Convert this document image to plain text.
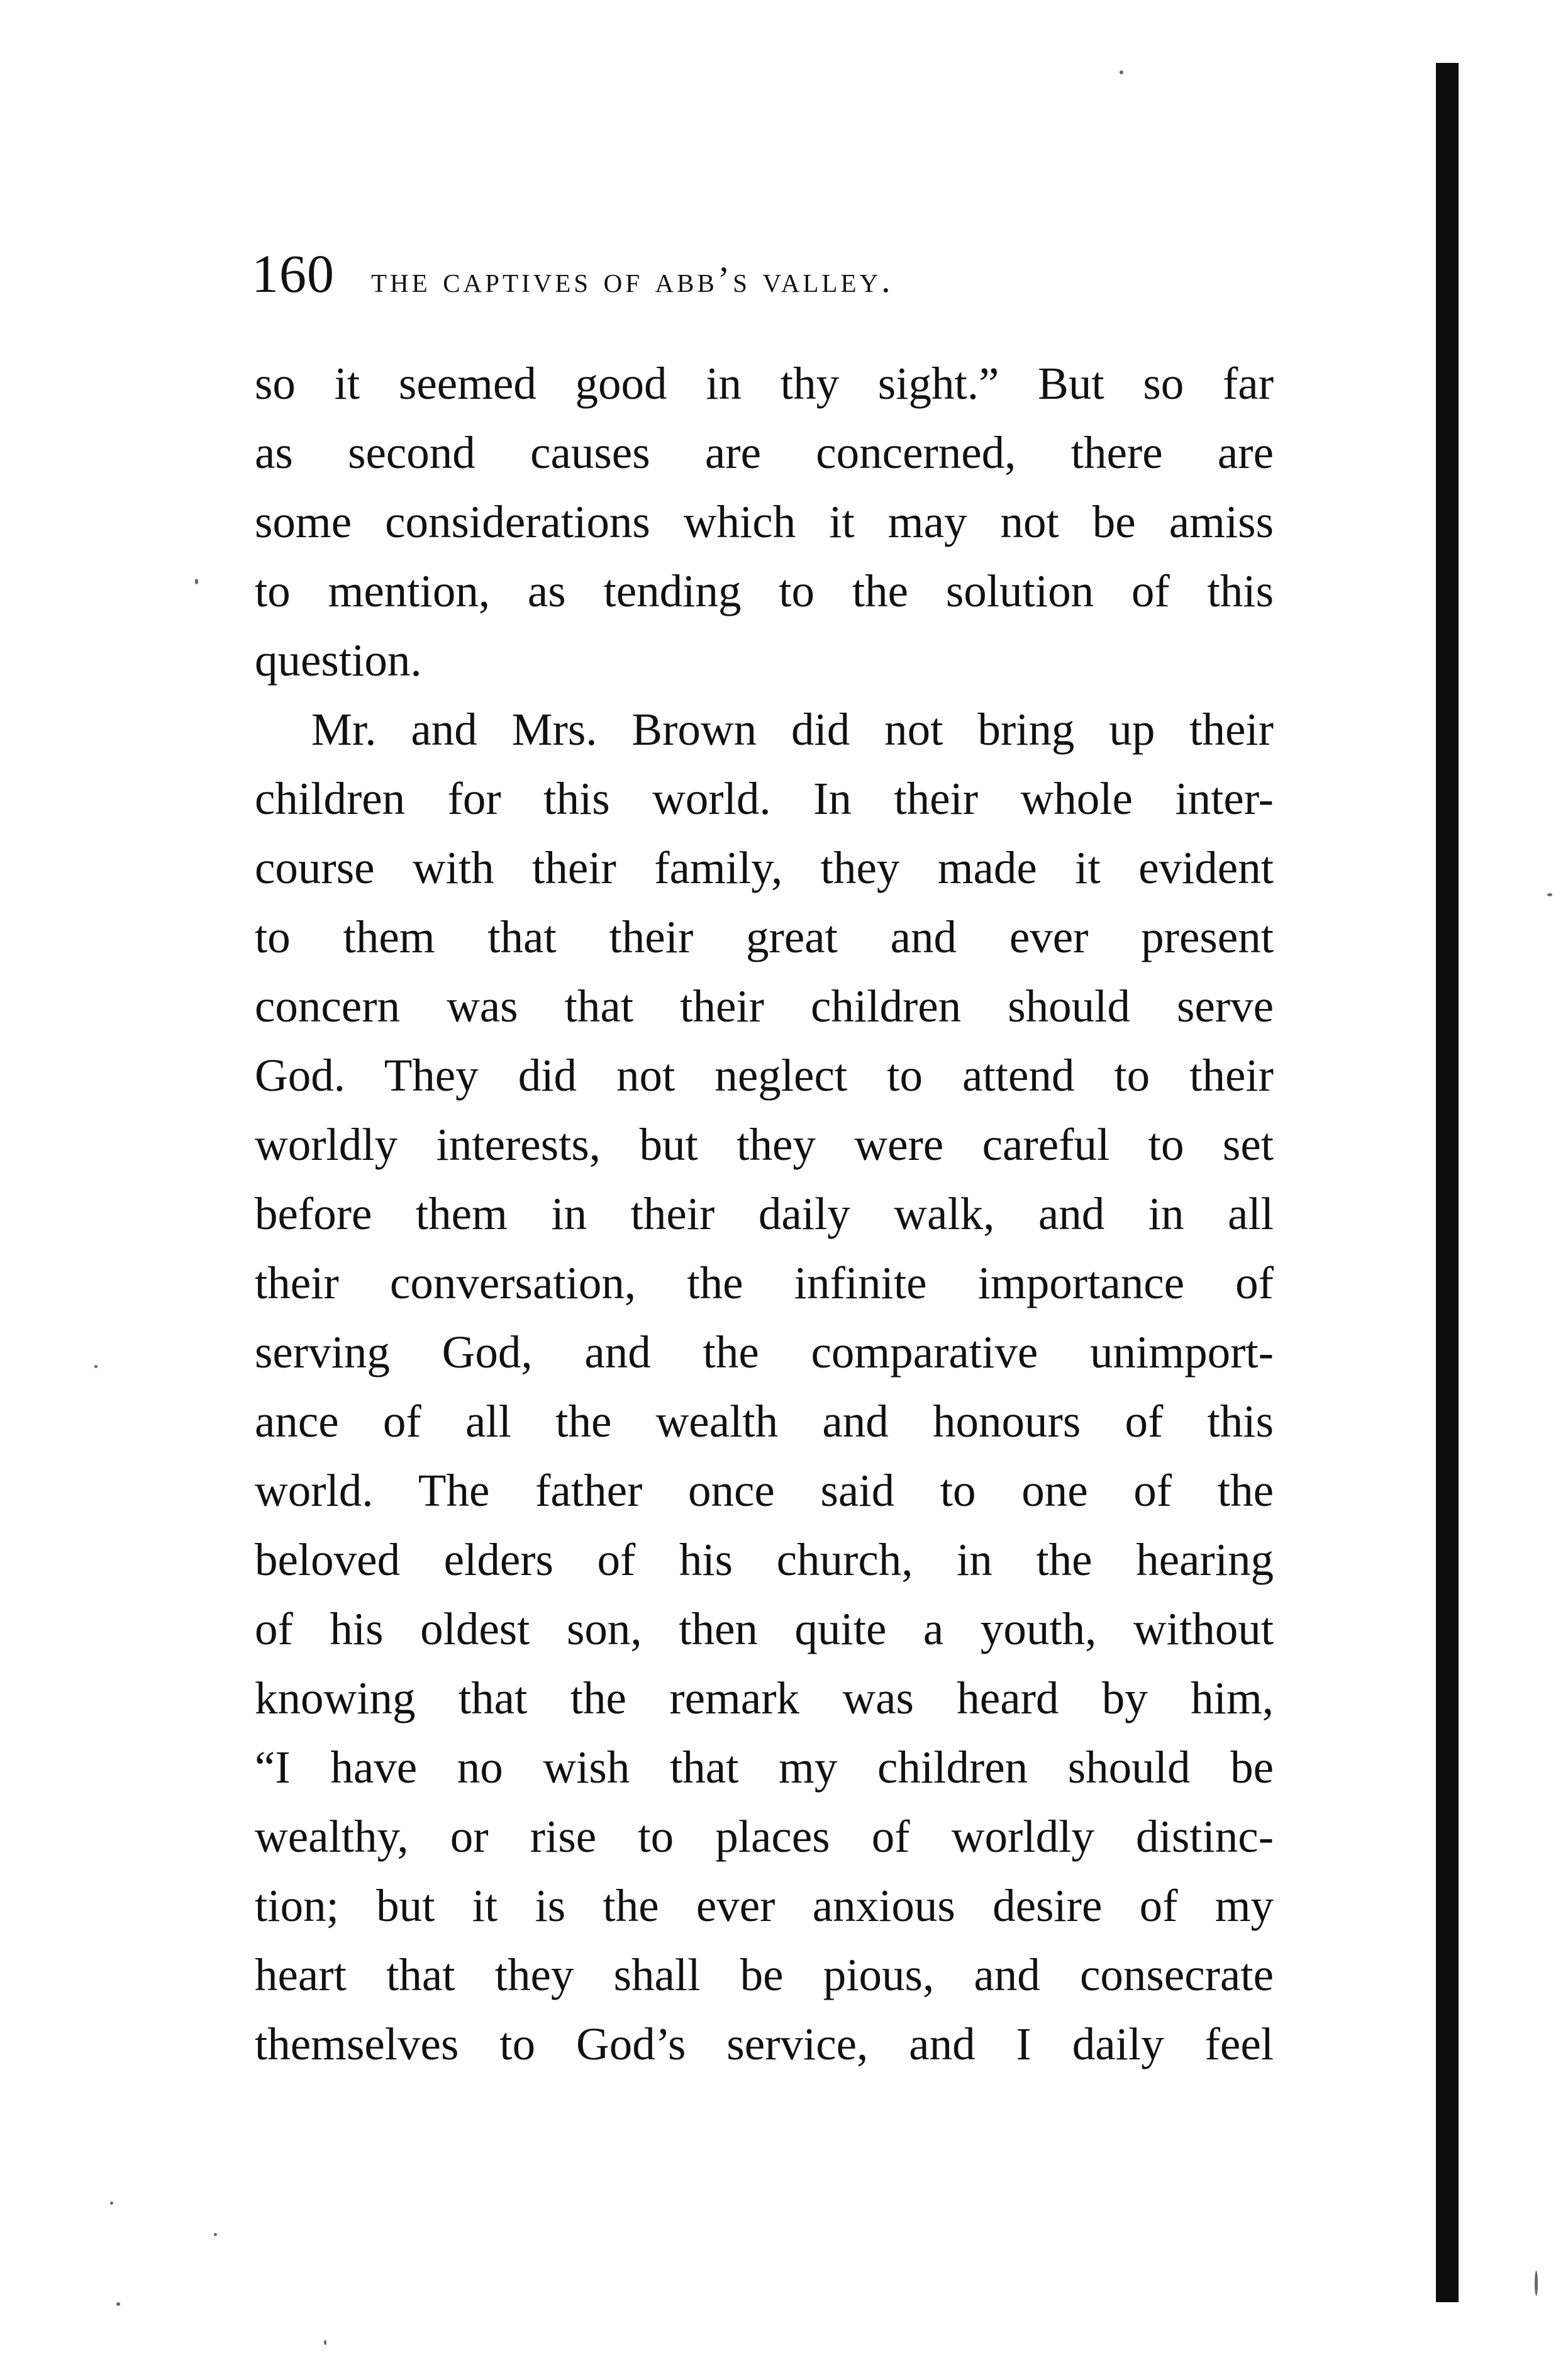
160 the captives of abb’s valley.
so it seemed good in thy sight.” But so far
as second causes are concerned, there are
some considerations which it may not be amiss
to mention, as tending to the solution of this
question.
Mr. and Mrs. Brown did not bring up their
children for this world. In their whole inter-
course with their family, they made it evident
to them that their great and ever present
concern was that their children should serve
God. They did not neglect to attend to their
worldly interests, but they were careful to set
before them in their daily walk, and in all
their conversation, the infinite importance of
serving God, and the comparative unimport-
ance of all the wealth and honours of this
world. The father once said to one of the
beloved elders of his church, in the hearing
of his oldest son, then quite a youth, without
knowing that the remark was heard by him,
“I have no wish that my children should be
wealthy, or rise to places of worldly distinc-
tion; but it is the ever anxious desire of my
heart that they shall be pious, and consecrate
themselves to God’s service, and I daily feel
